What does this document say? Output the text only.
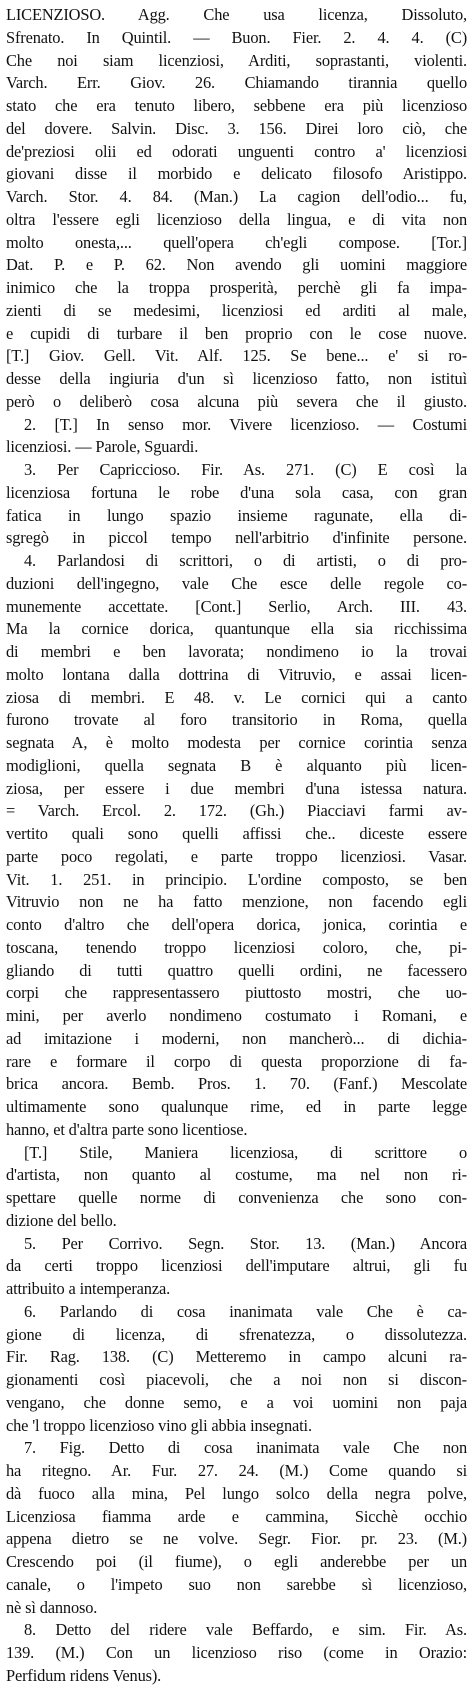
LICENZIOSO. Agg. Che usa licenza, Dissoluto,
Sfrenato. In Quintil. — Buon. Fier. 2. 4. 4. (C)
Che noi siam licenziosi, Arditi, soprastanti, violenti.
Varch. Err. Giov. 26. Chiamando tirannia quello
stato che era tenuto libero, sebbene era più licenzioso
del dovere. Salvin. Disc. 3. 156. Direi loro ciò, che
de'preziosi olii ed odorati unguenti contro a' licenziosi
giovani disse il morbido e delicato filosofo Aristippo.
Varch. Stor. 4. 84. (Man.) La cagion dell'odio... fu,
oltra l'essere egli licenzioso della lingua, e di vita non
molto onesta,... quell'opera ch'egli compose. [Tor.]
Dat. P. e P. 62. Non avendo gli uomini maggiore
inimico che la troppa prosperità, perchè gli fa impa-
zienti di se medesimi, licenziosi ed arditi al male,
e cupidi di turbare il ben proprio con le cose nuove.
[T.] Giov. Gell. Vit. Alf. 125. Se bene... e' si ro-
desse della ingiuria d'un sì licenzioso fatto, non istituì
però o deliberò cosa alcuna più severa che il giusto.
2. [T.] In senso mor. Vivere licenzioso. — Costumi
licenziosi. — Parole, Sguardi.
3. Per Capriccioso. Fir. As. 271. (C) E così la
licenziosa fortuna le robe d'una sola casa, con gran
fatica in lungo spazio insieme ragunate, ella di-
sgregò in piccol tempo nell'arbitrio d'infinite persone.
4. Parlandosi di scrittori, o di artisti, o di pro-
duzioni dell'ingegno, vale Che esce delle regole co-
munemente accettate. [Cont.] Serlio, Arch. III. 43.
Ma la cornice dorica, quantunque ella sia ricchissima
di membri e ben lavorata; nondimeno io la trovai
molto lontana dalla dottrina di Vitruvio, e assai licen-
ziosa di membri. E 48. v. Le cornici qui a canto
furono trovate al foro transitorio in Roma, quella
segnata A, è molto modesta per cornice corintia senza
modiglioni, quella segnata B è alquanto più licen-
ziosa, per essere i due membri d'una istessa natura.
= Varch. Ercol. 2. 172. (Gh.) Piacciavi farmi av-
vertito quali sono quelli affissi che.. diceste essere
parte poco regolati, e parte troppo licenziosi. Vasar.
Vit. 1. 251. in principio. L'ordine composto, se ben
Vitruvio non ne ha fatto menzione, non facendo egli
conto d'altro che dell'opera dorica, jonica, corintia e
toscana, tenendo troppo licenziosi coloro, che, pi-
gliando di tutti quattro quelli ordini, ne facessero
corpi che rappresentassero piuttosto mostri, che uo-
mini, per averlo nondimeno costumato i Romani, e
ad imitazione i moderni, non mancherò... di dichia-
rare e formare il corpo di questa proporzione di fa-
brica ancora. Bemb. Pros. 1. 70. (Fanf.) Mescolate
ultimamente sono qualunque rime, ed in parte legge
hanno, et d'altra parte sono licentiose.
[T.] Stile, Maniera licenziosa, di scrittore o
d'artista, non quanto al costume, ma nel non ri-
spettare quelle norme di convenienza che sono con-
dizione del bello.
5. Per Corrivo. Segn. Stor. 13. (Man.) Ancora
da certi troppo licenziosi dell'imputare altrui, gli fu
attribuito a intemperanza.
6. Parlando di cosa inanimata vale Che è ca-
gione di licenza, di sfrenatezza, o dissolutezza.
Fir. Rag. 138. (C) Metteremo in campo alcuni ra-
gionamenti così piacevoli, che a noi non si discon-
vengano, che donne semo, e a voi uomini non paja
che 'l troppo licenzioso vino gli abbia insegnati.
7. Fig. Detto di cosa inanimata vale Che non
ha ritegno. Ar. Fur. 27. 24. (M.) Come quando si
dà fuoco alla mina, Pel lungo solco della negra polve,
Licenziosa fiamma arde e cammina, Sicchè occhio
appena dietro se ne volve. Segr. Fior. pr. 23. (M.)
Crescendo poi (il fiume), o egli anderebbe per un
canale, o l'impeto suo non sarebbe sì licenzioso,
nè sì dannoso.
8. Detto del ridere vale Beffardo, e sim. Fir. As.
139. (M.) Con un licenzioso riso (come in Orazio:
Perfidum ridens Venus).
